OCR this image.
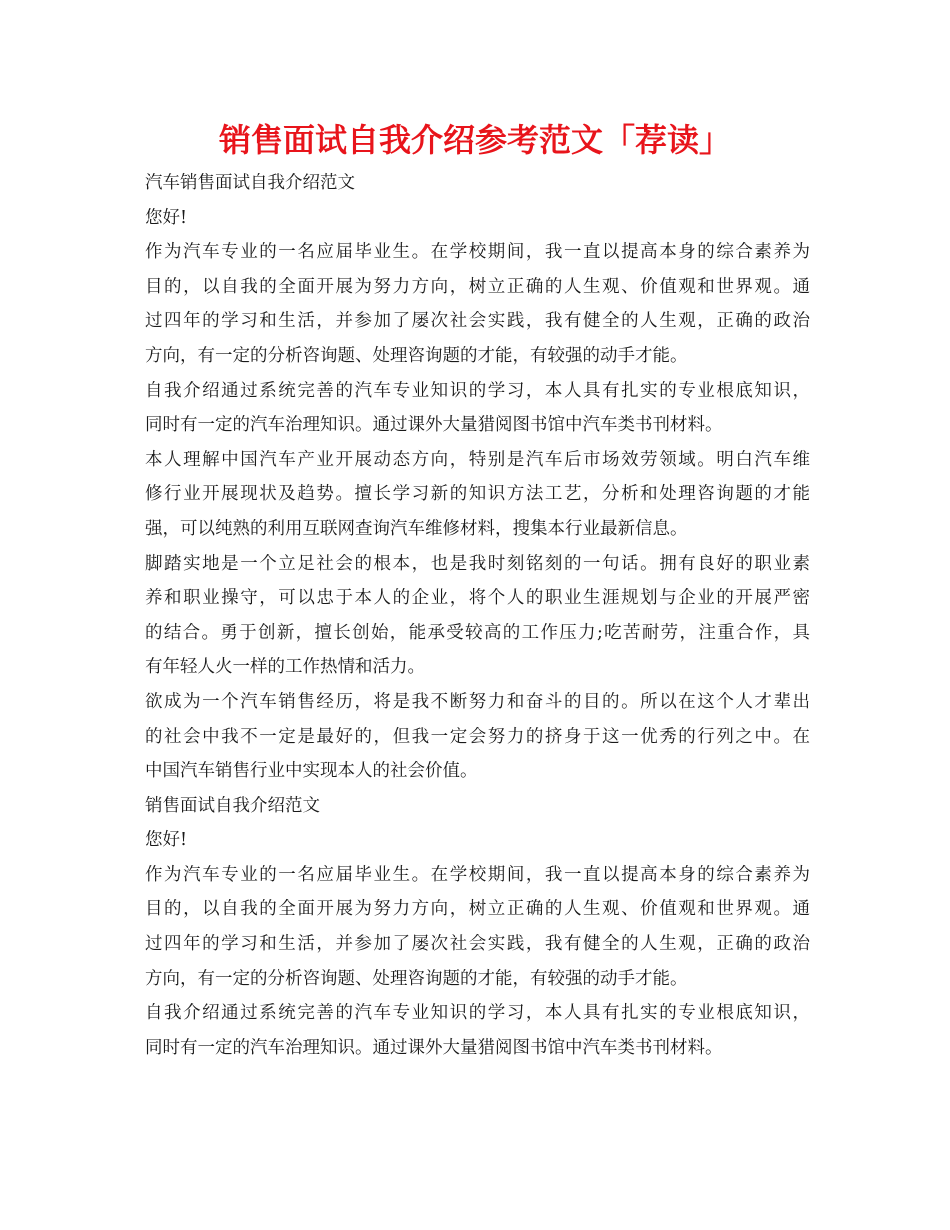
销售面试自我介绍参考范文「荐读」
汽车销售面试自我介绍范文
您好!
作为汽车专业的一名应届毕业生。在学校期间，我一直以提高本身的综合素养为
目的，以自我的全面开展为努力方向，树立正确的人生观、价值观和世界观。通
过四年的学习和生活，并参加了屡次社会实践，我有健全的人生观，正确的政治
方向，有一定的分析咨询题、处理咨询题的才能，有较强的动手才能。
自我介绍通过系统完善的汽车专业知识的学习，本人具有扎实的专业根底知识，
同时有一定的汽车治理知识。通过课外大量猎阅图书馆中汽车类书刊材料。
本人理解中国汽车产业开展动态方向，特别是汽车后市场效劳领域。明白汽车维
修行业开展现状及趋势。擅长学习新的知识方法工艺，分析和处理咨询题的才能
强，可以纯熟的利用互联网查询汽车维修材料，搜集本行业最新信息。
脚踏实地是一个立足社会的根本，也是我时刻铭刻的一句话。拥有良好的职业素
养和职业操守，可以忠于本人的企业，将个人的职业生涯规划与企业的开展严密
的结合。勇于创新，擅长创始，能承受较高的工作压力;吃苦耐劳，注重合作，具
有年轻人火一样的工作热情和活力。
欲成为一个汽车销售经历，将是我不断努力和奋斗的目的。所以在这个人才辈出
的社会中我不一定是最好的，但我一定会努力的挤身于这一优秀的行列之中。在
中国汽车销售行业中实现本人的社会价值。
销售面试自我介绍范文
您好!
作为汽车专业的一名应届毕业生。在学校期间，我一直以提高本身的综合素养为
目的，以自我的全面开展为努力方向，树立正确的人生观、价值观和世界观。通
过四年的学习和生活，并参加了屡次社会实践，我有健全的人生观，正确的政治
方向，有一定的分析咨询题、处理咨询题的才能，有较强的动手才能。
自我介绍通过系统完善的汽车专业知识的学习，本人具有扎实的专业根底知识，
同时有一定的汽车治理知识。通过课外大量猎阅图书馆中汽车类书刊材料。
